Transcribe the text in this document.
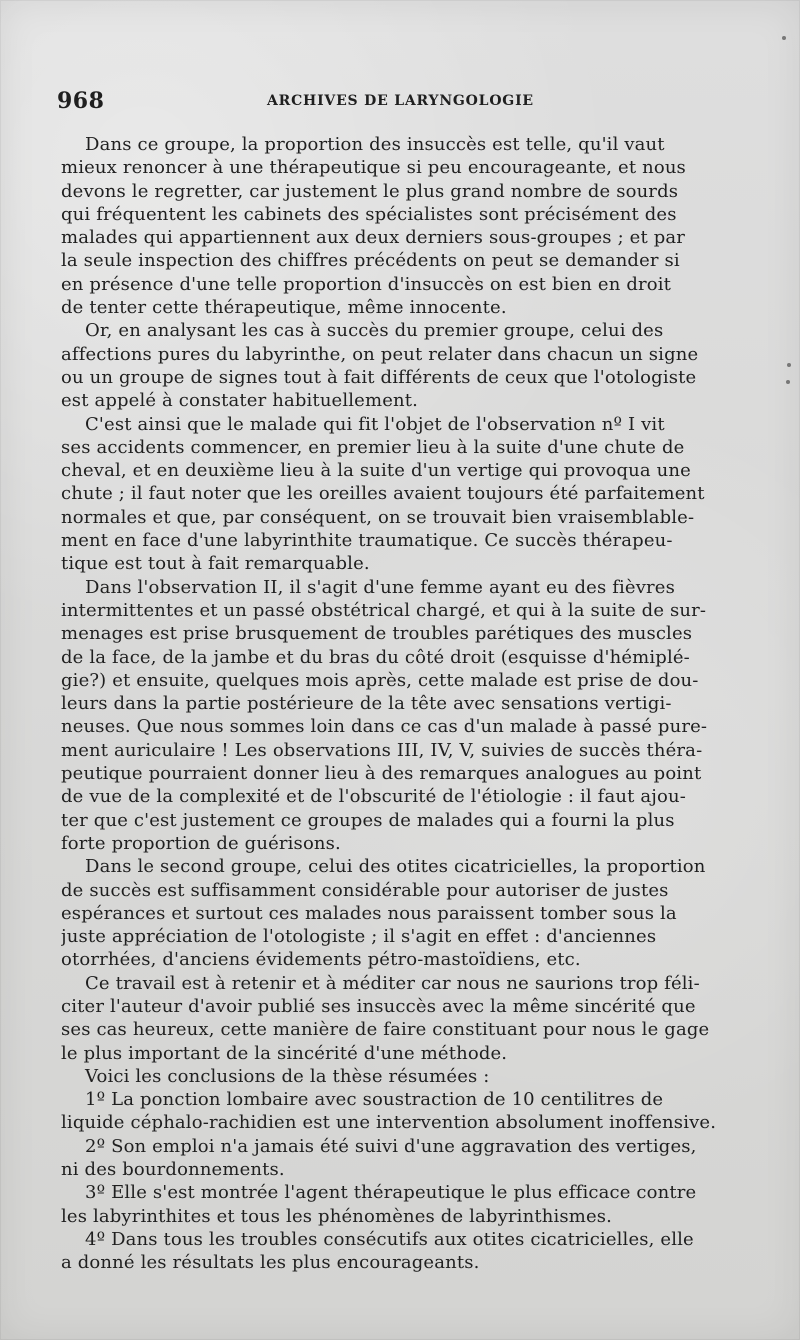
968	ARCHIVES DE LARYNGOLOGIE
Dans ce groupe, la proportion des insuccès est telle, qu'il vaut
mieux renoncer à une thérapeutique si peu encourageante, et nous
devons le regretter, car justement le plus grand nombre de sourds
qui fréquentent les cabinets des spécialistes sont précisément des
malades qui appartiennent aux deux derniers sous-groupes ; et par
la seule inspection des chiffres précédents on peut se demander si
en présence d'une telle proportion d'insuccès on est bien en droit
de tenter cette thérapeutique, même innocente.
Or, en analysant les cas à succès du premier groupe, celui des
affections pures du labyrinthe, on peut relater dans chacun un signe
ou un groupe de signes tout à fait différents de ceux que l'otologiste
est appelé à constater habituellement.
C'est ainsi que le malade qui fit l'objet de l'observation nº I vit
ses accidents commencer, en premier lieu à la suite d'une chute de
cheval, et en deuxième lieu à la suite d'un vertige qui provoqua une
chute ; il faut noter que les oreilles avaient toujours été parfaitement
normales et que, par conséquent, on se trouvait bien vraisemblable-
ment en face d'une labyrinthite traumatique. Ce succès thérapeu-
tique est tout à fait remarquable.
Dans l'observation II, il s'agit d'une femme ayant eu des fièvres
intermittentes et un passé obstétrical chargé, et qui à la suite de sur-
menages est prise brusquement de troubles parétiques des muscles
de la face, de la jambe et du bras du côté droit (esquisse d'hémiplé-
gie?) et ensuite, quelques mois après, cette malade est prise de dou-
leurs dans la partie postérieure de la tête avec sensations vertigi-
neuses. Que nous sommes loin dans ce cas d'un malade à passé pure-
ment auriculaire ! Les observations III, IV, V, suivies de succès théra-
peutique pourraient donner lieu à des remarques analogues au point
de vue de la complexité et de l'obscurité de l'étiologie : il faut ajou-
ter que c'est justement ce groupes de malades qui a fourni la plus
forte proportion de guérisons.
Dans le second groupe, celui des otites cicatricielles, la proportion
de succès est suffisamment considérable pour autoriser de justes
espérances et surtout ces malades nous paraissent tomber sous la
juste appréciation de l'otologiste ; il s'agit en effet : d'anciennes
otorrhées, d'anciens évidements pétro-mastoïdiens, etc.
Ce travail est à retenir et à méditer car nous ne saurions trop féli-
citer l'auteur d'avoir publié ses insuccès avec la même sincérité que
ses cas heureux, cette manière de faire constituant pour nous le gage
le plus important de la sincérité d'une méthode.
Voici les conclusions de la thèse résumées :
1º La ponction lombaire avec soustraction de 10 centilitres de
liquide céphalo-rachidien est une intervention absolument inoffensive.
2º Son emploi n'a jamais été suivi d'une aggravation des vertiges,
ni des bourdonnements.
3º Elle s'est montrée l'agent thérapeutique le plus efficace contre
les labyrinthites et tous les phénomènes de labyrinthismes.
4º Dans tous les troubles consécutifs aux otites cicatricielles, elle
a donné les résultats les plus encourageants.
